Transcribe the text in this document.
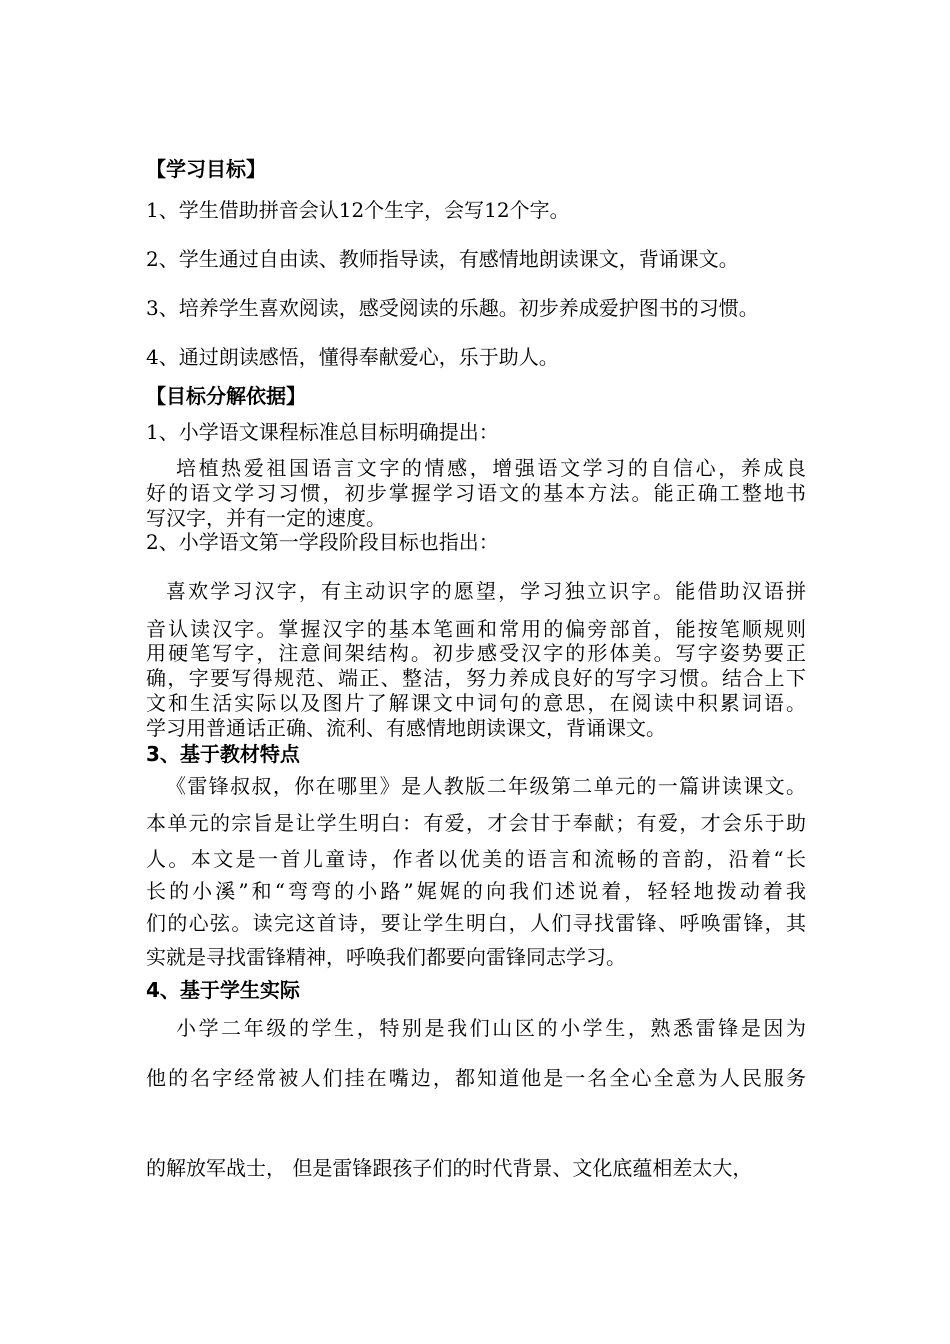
【学习目标】

1、学生借助拼音会认12个生字，会写12个字。

2、学生通过自由读、教师指导读，有感情地朗读课文，背诵课文。

3、培养学生喜欢阅读，感受阅读的乐趣。初步养成爱护图书的习惯。

4、通过朗读感悟，懂得奉献爱心，乐于助人。

【目标分解依据】

1、小学语文课程标准总目标明确提出：

培植热爱祖国语言文字的情感，增强语文学习的自信心，养成良

好的语文学习习惯，初步掌握学习语文的基本方法。能正确工整地书

写汉字，并有一定的速度。

2、小学语文第一学段阶段目标也指出：

喜欢学习汉字，有主动识字的愿望，学习独立识字。能借助汉语拼

音认读汉字。掌握汉字的基本笔画和常用的偏旁部首，能按笔顺规则

用硬笔写字，注意间架结构。初步感受汉字的形体美。写字姿势要正

确，字要写得规范、端正、整洁，努力养成良好的写字习惯。结合上下

文和生活实际以及图片了解课文中词句的意思，在阅读中积累词语。

学习用普通话正确、流利、有感情地朗读课文，背诵课文。

3、基于教材特点

《雷锋叔叔，你在哪里》是人教版二年级第二单元的一篇讲读课文。

本单元的宗旨是让学生明白：有爱，才会甘于奉献；有爱，才会乐于助

人。本文是一首儿童诗，作者以优美的语言和流畅的音韵，沿着“长

长的小溪”和“弯弯的小路”娓娓的向我们述说着，轻轻地拨动着我

们的心弦。读完这首诗，要让学生明白，人们寻找雷锋、呼唤雷锋，其

实就是寻找雷锋精神，呼唤我们都要向雷锋同志学习。

4、基于学生实际

小学二年级的学生，特别是我们山区的小学生，熟悉雷锋是因为

他的名字经常被人们挂在嘴边，都知道他是一名全心全意为人民服务

的解放军战士， 但是雷锋跟孩子们的时代背景、文化底蕴相差太大，
